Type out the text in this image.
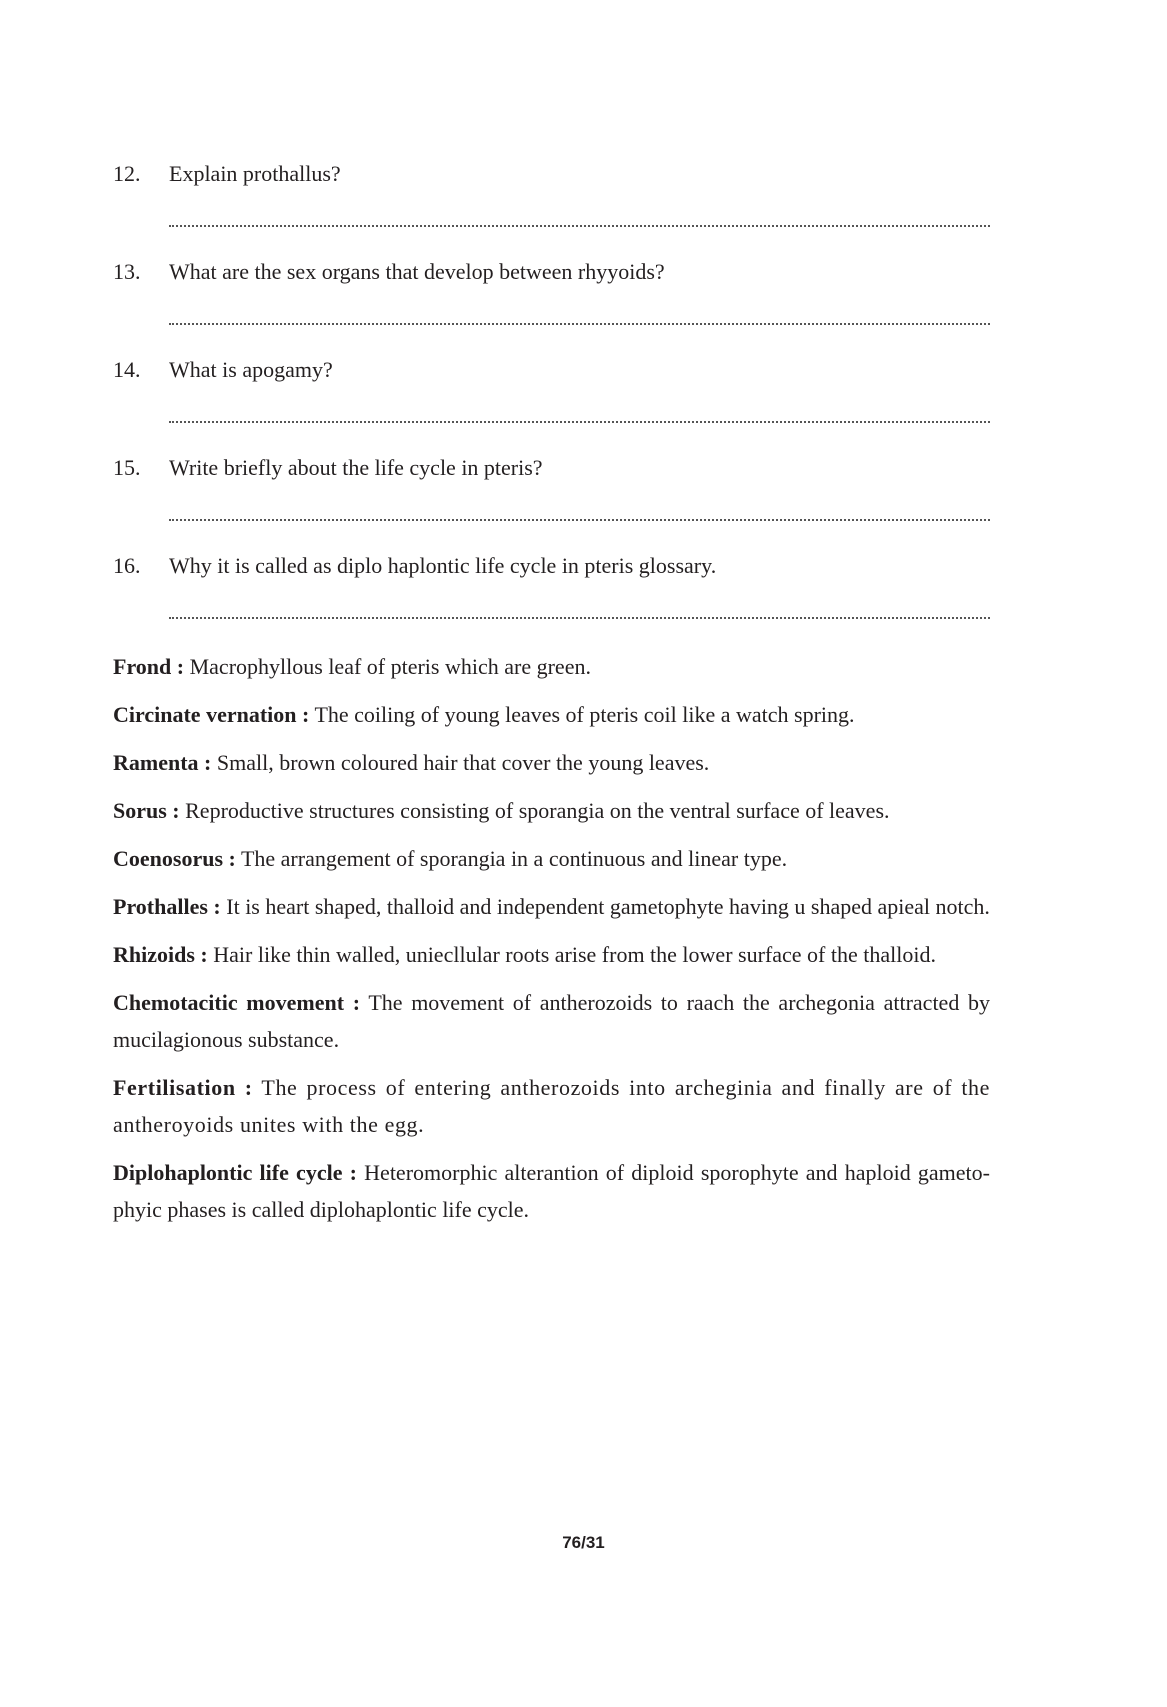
12.	Explain prothallus?
13.	What are the sex organs that develop between rhyyoids?
14.	What is apogamy?
15.	Write briefly about the life cycle in pteris?
16.	Why it is called as diplo haplontic life cycle in pteris glossary.

Frond : Macrophyllous leaf of pteris which are green.

Circinate vernation : The coiling of young leaves of pteris coil like a watch spring.

Ramenta : Small, brown coloured hair that cover the young leaves.

Sorus : Reproductive structures consisting of sporangia on the ventral surface of leaves.

Coenosorus : The arrangement of sporangia in a continuous and linear type.

Prothalles : It is heart shaped, thalloid and independent gametophyte having u shaped apieal notch.

Rhizoids : Hair like thin walled, uniecllular roots arise from the lower surface of the thalloid.

Chemotacitic movement : The movement of antherozoids to raach the archegonia attracted by mucilagionous substance.

Fertilisation : The process of entering antherozoids into archeginia and finally are of the antheroyoids unites with the egg.

Diplohaplontic life cycle : Heteromorphic alterantion of diploid sporophyte and haploid gameto-phyic phases is called diplohaplontic life cycle.

76/31
